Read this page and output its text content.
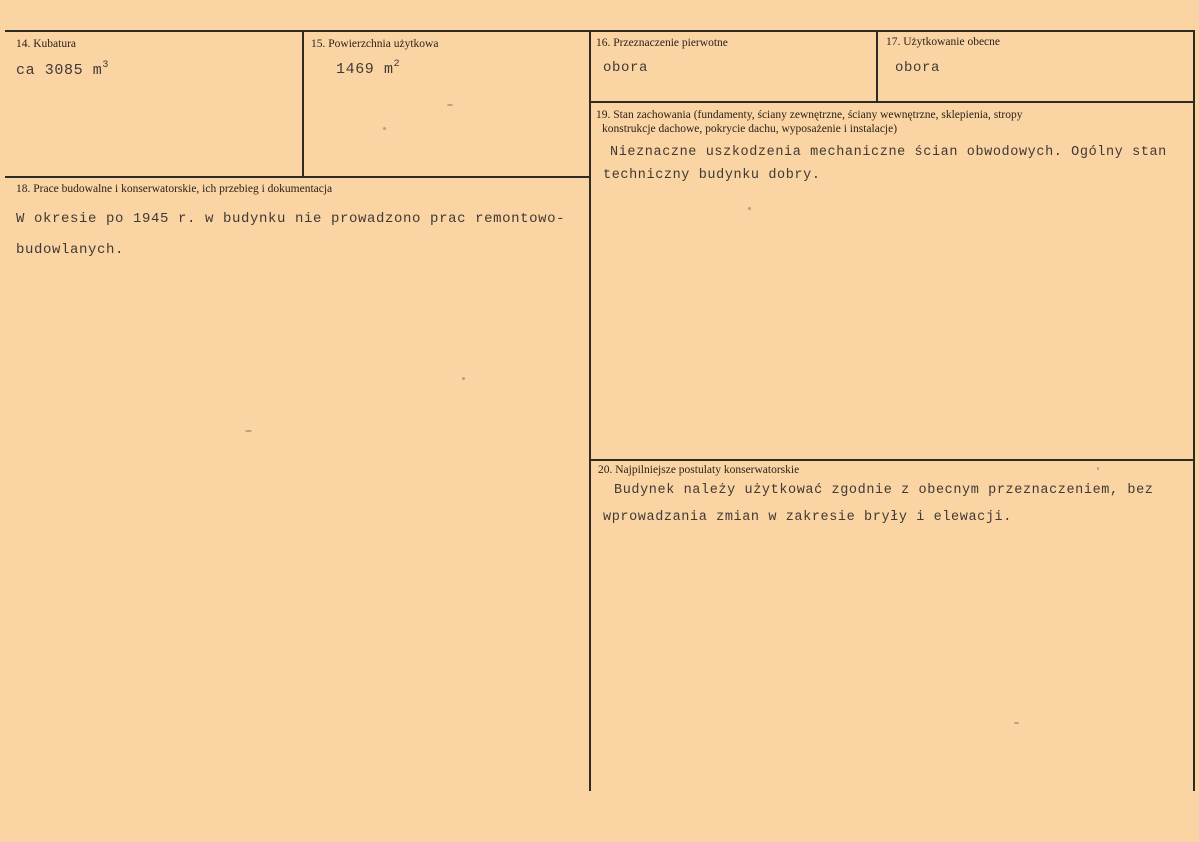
14. Kubatura
ca 3085 $m^3$
15. Powierzchnia użytkowa
1469 $m^2$
16. Przeznaczenie pierwotne
obora
17. Użytkowanie obecne
obora
18. Prace budowalne i konserwatorskie, ich przebieg i dokumentacja
W okresie po 1945 r. w budynku nie prowadzono prac remontowo-
budowlanych.
19. Stan zachowania (fundamenty, ściany zewnętrzne, ściany wewnętrzne, sklepienia, stropy
konstrukcje dachowe, pokrycie dachu, wyposażenie i instalacje)
Nieznaczne uszkodzenia mechaniczne ścian obwodowych. Ogólny stan
techniczny budynku dobry.
20. Najpilniejsze postulaty konserwatorskie
Budynek należy użytkować zgodnie z obecnym przeznaczeniem, bez
wprowadzania zmian w zakresie bryły i elewacji.
